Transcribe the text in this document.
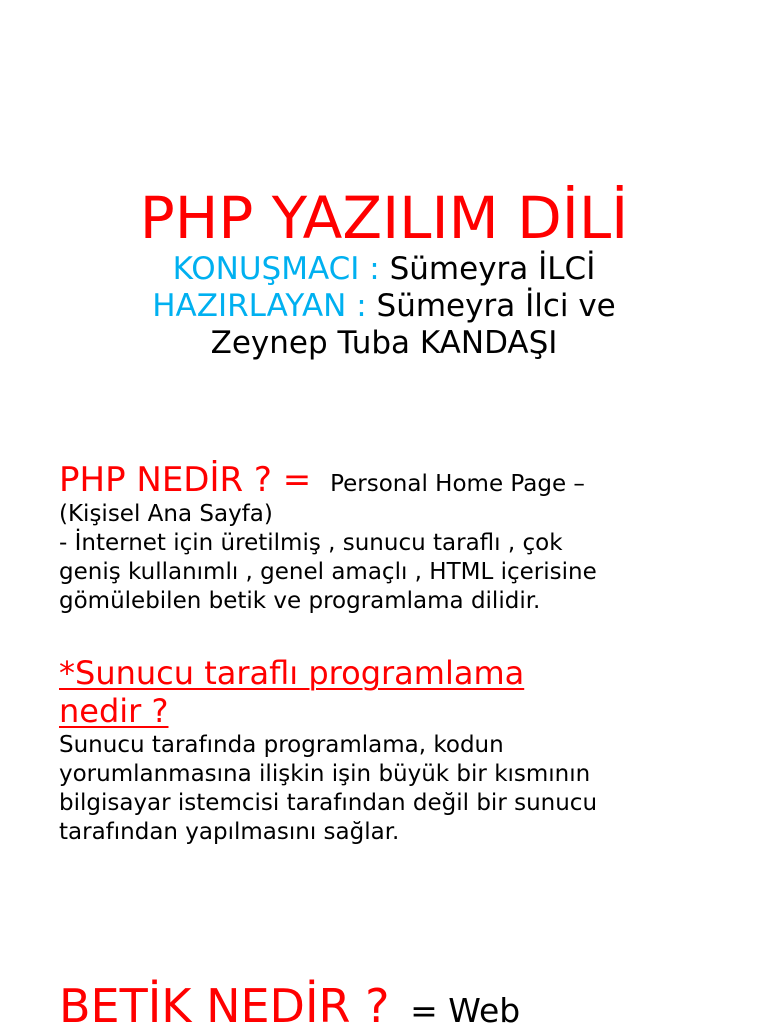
PHP YAZILIM DİLİ
KONUŞMACI : Sümeyra İLCİ
HAZIRLAYAN : Sümeyra İlci ve
Zeynep Tuba KANDAŞI
PHP NEDİR ? = Personal Home Page –
(Kişisel Ana Sayfa)
- İnternet için üretilmiş , sunucu taraflı , çok
geniş kullanımlı , genel amaçlı , HTML içerisine
gömülebilen betik ve programlama dilidir.
*Sunucu taraflı programlama
nedir ?
Sunucu tarafında programlama, kodun
yorumlanmasına ilişkin işin büyük bir kısmının
bilgisayar istemcisi tarafından değil bir sunucu
tarafından yapılmasını sağlar.
BETİK NEDİR ? = Web
